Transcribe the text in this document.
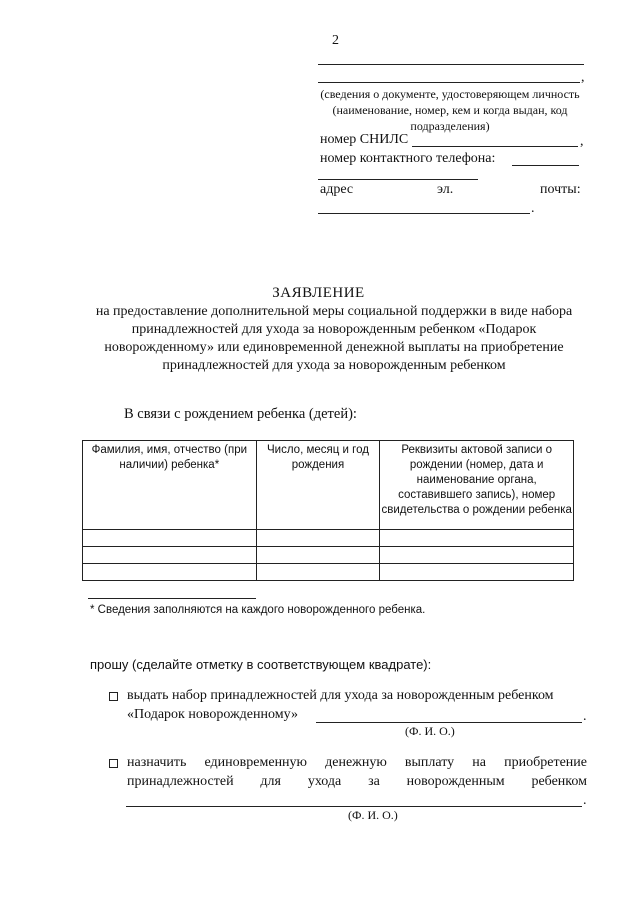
2
,
(сведения о документе, удостоверяющем личность (наименование, номер, кем и когда выдан, код подразделения)
номер СНИЛС	,
номер контактного телефона:
адрес	эл.	почты:
.
ЗАЯВЛЕНИЕ
на предоставление дополнительной меры социальной поддержки в виде набора принадлежностей для ухода за новорожденным ребенком «Подарок новорожденному» или единовременной денежной выплаты на приобретение принадлежностей для ухода за новорожденным ребенком
В связи с рождением ребенка (детей):
Фамилия, имя, отчество (при наличии) ребенка*	Число, месяц и год рождения	Реквизиты актовой записи о рождении (номер, дата и наименование органа, составившего запись), номер свидетельства о рождении ребенка

* Сведения заполняются на каждого новорожденного ребенка.
прошу (сделайте отметку в соответствующем квадрате):
выдать набор принадлежностей для ухода за новорожденным ребенком
«Подарок новорожденному»	.
(Ф. И. О.)
назначить единовременную денежную выплату на приобретение
принадлежностей для ухода за новорожденным ребенком
.
(Ф. И. О.)
